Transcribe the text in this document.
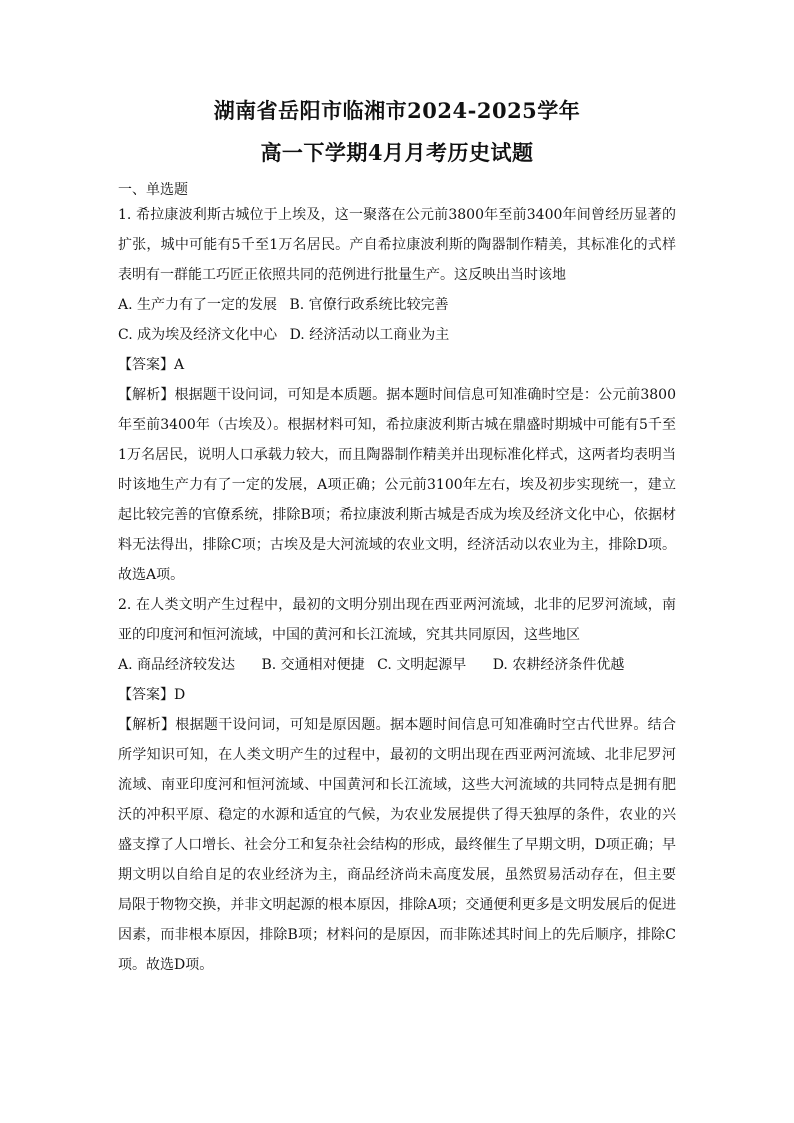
湖南省岳阳市临湘市2024-2025学年

高一下学期4月月考历史试题

一、单选题

1. 希拉康波利斯古城位于上埃及，这一聚落在公元前3800年至前3400年间曾经历显著的扩张，城中可能有5千至1万名居民。产自希拉康波利斯的陶器制作精美，其标准化的式样表明有一群能工巧匠正依照共同的范例进行批量生产。这反映出当时该地

A. 生产力有了一定的发展 B. 官僚行政系统比较完善

C. 成为埃及经济文化中心 D. 经济活动以工商业为主

【答案】A

【解析】根据题干设问词，可知是本质题。据本题时间信息可知准确时空是：公元前3800年至前3400年（古埃及）。根据材料可知，希拉康波利斯古城在鼎盛时期城中可能有5千至1万名居民，说明人口承载力较大，而且陶器制作精美并出现标准化样式，这两者均表明当时该地生产力有了一定的发展，A项正确；公元前3100年左右，埃及初步实现统一，建立起比较完善的官僚系统，排除B项；希拉康波利斯古城是否成为埃及经济文化中心，依据材料无法得出，排除C项；古埃及是大河流域的农业文明，经济活动以农业为主，排除D项。故选A项。

2. 在人类文明产生过程中，最初的文明分别出现在西亚两河流域，北非的尼罗河流域，南亚的印度河和恒河流域，中国的黄河和长江流域，究其共同原因，这些地区

A. 商品经济较发达 B. 交通相对便捷 C. 文明起源早 D. 农耕经济条件优越

【答案】D

【解析】根据题干设问词，可知是原因题。据本题时间信息可知准确时空古代世界。结合所学知识可知，在人类文明产生的过程中，最初的文明出现在西亚两河流域、北非尼罗河流域、南亚印度河和恒河流域、中国黄河和长江流域，这些大河流域的共同特点是拥有肥沃的冲积平原、稳定的水源和适宜的气候，为农业发展提供了得天独厚的条件，农业的兴盛支撑了人口增长、社会分工和复杂社会结构的形成，最终催生了早期文明，D项正确；早期文明以自给自足的农业经济为主，商品经济尚未高度发展，虽然贸易活动存在，但主要局限于物物交换，并非文明起源的根本原因，排除A项；交通便利更多是文明发展后的促进因素，而非根本原因，排除B项；材料问的是原因，而非陈述其时间上的先后顺序，排除C项。故选D项。
